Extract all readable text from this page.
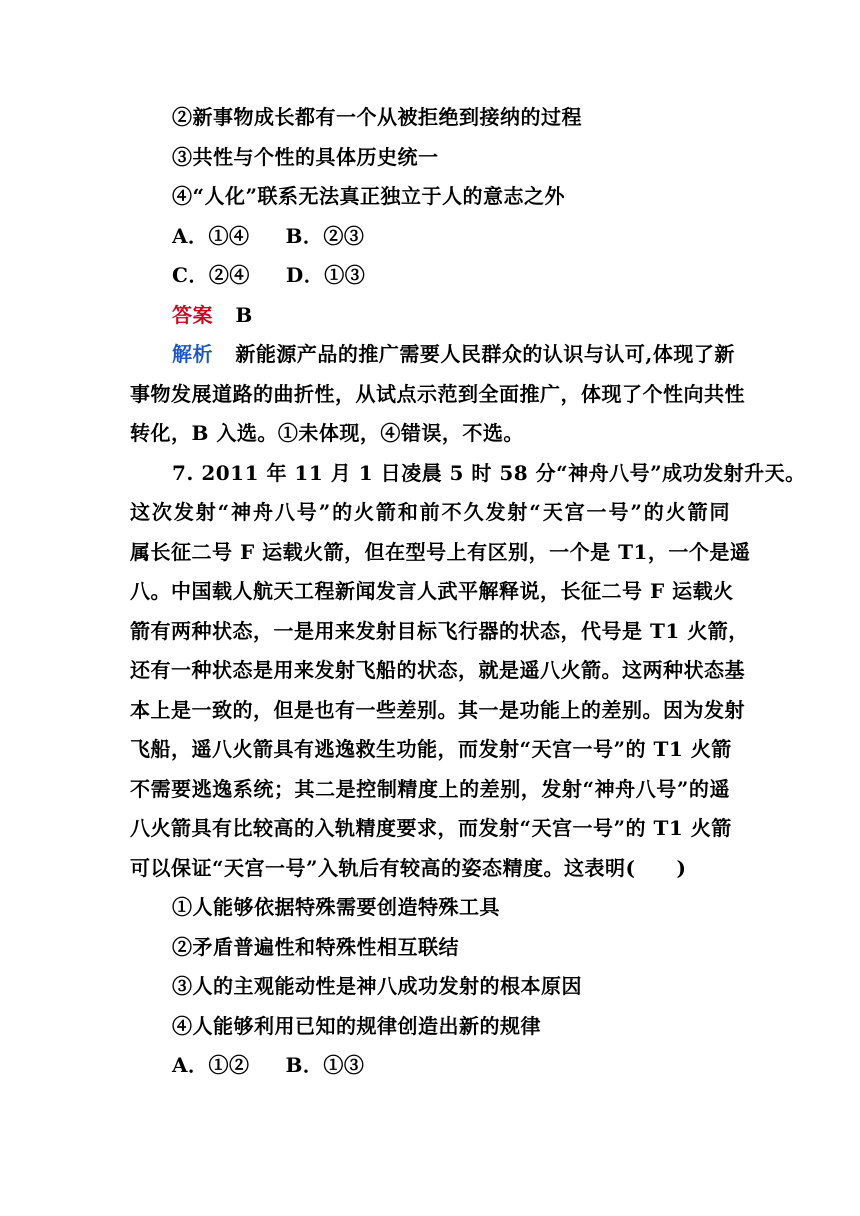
②新事物成长都有一个从被拒绝到接纳的过程
③共性与个性的具体历史统一
④“人化”联系无法真正独立于人的意志之外
A．①④ B．②③
C．②④ D．①③
答案 B
解析 新能源产品的推广需要人民群众的认识与认可,体现了新
事物发展道路的曲折性，从试点示范到全面推广，体现了个性向共性
转化，B 入选。①未体现，④错误，不选。
7. 2011 年 11 月 1 日凌晨 5 时 58 分“神舟八号”成功发射升天。
这次发射“神舟八号”的火箭和前不久发射“天宫一号”的火箭同
属长征二号 F 运载火箭，但在型号上有区别，一个是 T1，一个是遥
八。中国载人航天工程新闻发言人武平解释说，长征二号 F 运载火
箭有两种状态，一是用来发射目标飞行器的状态，代号是 T1 火箭，
还有一种状态是用来发射飞船的状态，就是遥八火箭。这两种状态基
本上是一致的，但是也有一些差别。其一是功能上的差别。因为发射
飞船，遥八火箭具有逃逸救生功能，而发射“天宫一号”的 T1 火箭
不需要逃逸系统；其二是控制精度上的差别，发射“神舟八号”的遥
八火箭具有比较高的入轨精度要求，而发射“天宫一号”的 T1 火箭
可以保证“天宫一号”入轨后有较高的姿态精度。这表明(　　)
①人能够依据特殊需要创造特殊工具
②矛盾普遍性和特殊性相互联结
③人的主观能动性是神八成功发射的根本原因
④人能够利用已知的规律创造出新的规律
A．①② B．①③
